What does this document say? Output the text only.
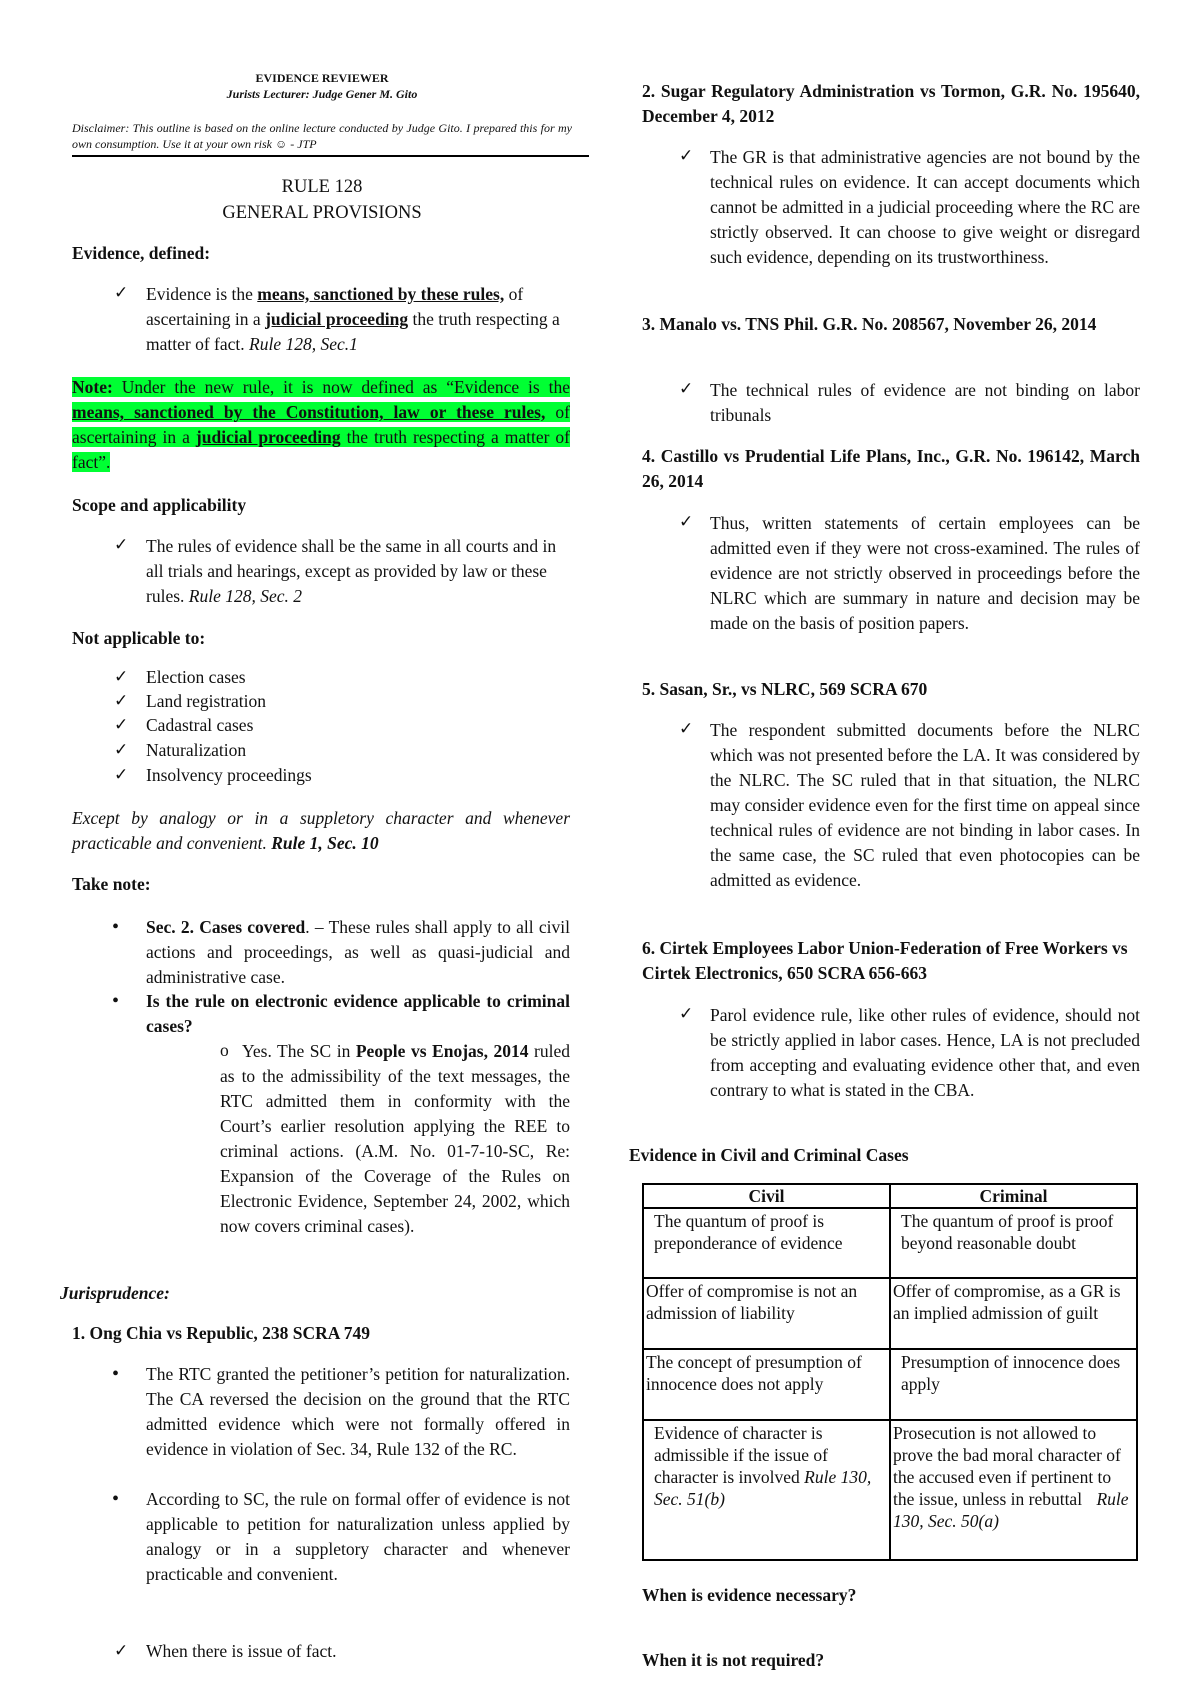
EVIDENCE REVIEWER
Jurists Lecturer: Judge Gener M. Gito
Disclaimer: This outline is based on the online lecture conducted by Judge Gito. I prepared this for my own consumption. Use it at your own risk ☺ - JTP
RULE 128
GENERAL PROVISIONS
Evidence, defined:
✓ Evidence is the means, sanctioned by these rules, of ascertaining in a judicial proceeding the truth respecting a matter of fact. Rule 128, Sec.1
Note: Under the new rule, it is now defined as “Evidence is the means, sanctioned by the Constitution, law or these rules, of ascertaining in a judicial proceeding the truth respecting a matter of fact”.
Scope and applicability
✓ The rules of evidence shall be the same in all courts and in all trials and hearings, except as provided by law or these rules. Rule 128, Sec. 2
Not applicable to:
✓ Election cases
✓ Land registration
✓ Cadastral cases
✓ Naturalization
✓ Insolvency proceedings
Except by analogy or in a suppletory character and whenever practicable and convenient. Rule 1, Sec. 10
Take note:
• Sec. 2. Cases covered. – These rules shall apply to all civil actions and proceedings, as well as quasi-judicial and administrative case.
• Is the rule on electronic evidence applicable to criminal cases?
o Yes. The SC in People vs Enojas, 2014 ruled as to the admissibility of the text messages, the RTC admitted them in conformity with the Court’s earlier resolution applying the REE to criminal actions. (A.M. No. 01-7-10-SC, Re: Expansion of the Coverage of the Rules on Electronic Evidence, September 24, 2002, which now covers criminal cases).
Jurisprudence:
1. Ong Chia vs Republic, 238 SCRA 749
• The RTC granted the petitioner’s petition for naturalization. The CA reversed the decision on the ground that the RTC admitted evidence which were not formally offered in evidence in violation of Sec. 34, Rule 132 of the RC.
• According to SC, the rule on formal offer of evidence is not applicable to petition for naturalization unless applied by analogy or in a suppletory character and whenever practicable and convenient.
✓ When there is issue of fact.
2. Sugar Regulatory Administration vs Tormon, G.R. No. 195640, December 4, 2012
✓ The GR is that administrative agencies are not bound by the technical rules on evidence. It can accept documents which cannot be admitted in a judicial proceeding where the RC are strictly observed. It can choose to give weight or disregard such evidence, depending on its trustworthiness.
3. Manalo vs. TNS Phil. G.R. No. 208567, November 26, 2014
✓ The technical rules of evidence are not binding on labor tribunals
4. Castillo vs Prudential Life Plans, Inc., G.R. No. 196142, March 26, 2014
✓ Thus, written statements of certain employees can be admitted even if they were not cross-examined. The rules of evidence are not strictly observed in proceedings before the NLRC which are summary in nature and decision may be made on the basis of position papers.
5. Sasan, Sr., vs NLRC, 569 SCRA 670
✓ The respondent submitted documents before the NLRC which was not presented before the LA. It was considered by the NLRC. The SC ruled that in that situation, the NLRC may consider evidence even for the first time on appeal since technical rules of evidence are not binding in labor cases. In the same case, the SC ruled that even photocopies can be admitted as evidence.
6. Cirtek Employees Labor Union-Federation of Free Workers vs Cirtek Electronics, 650 SCRA 656-663
✓ Parol evidence rule, like other rules of evidence, should not be strictly applied in labor cases. Hence, LA is not precluded from accepting and evaluating evidence other that, and even contrary to what is stated in the CBA.
Evidence in Civil and Criminal Cases
Civil	Criminal
The quantum of proof is preponderance of evidence	The quantum of proof is proof beyond reasonable doubt
Offer of compromise is not an admission of liability	Offer of compromise, as a GR is an implied admission of guilt
The concept of presumption of innocence does not apply	Presumption of innocence does apply
Evidence of character is admissible if the issue of character is involved Rule 130, Sec. 51(b)	Prosecution is not allowed to prove the bad moral character of the accused even if pertinent to the issue, unless in rebuttal Rule 130, Sec. 50(a)
When is evidence necessary?
When it is not required?
